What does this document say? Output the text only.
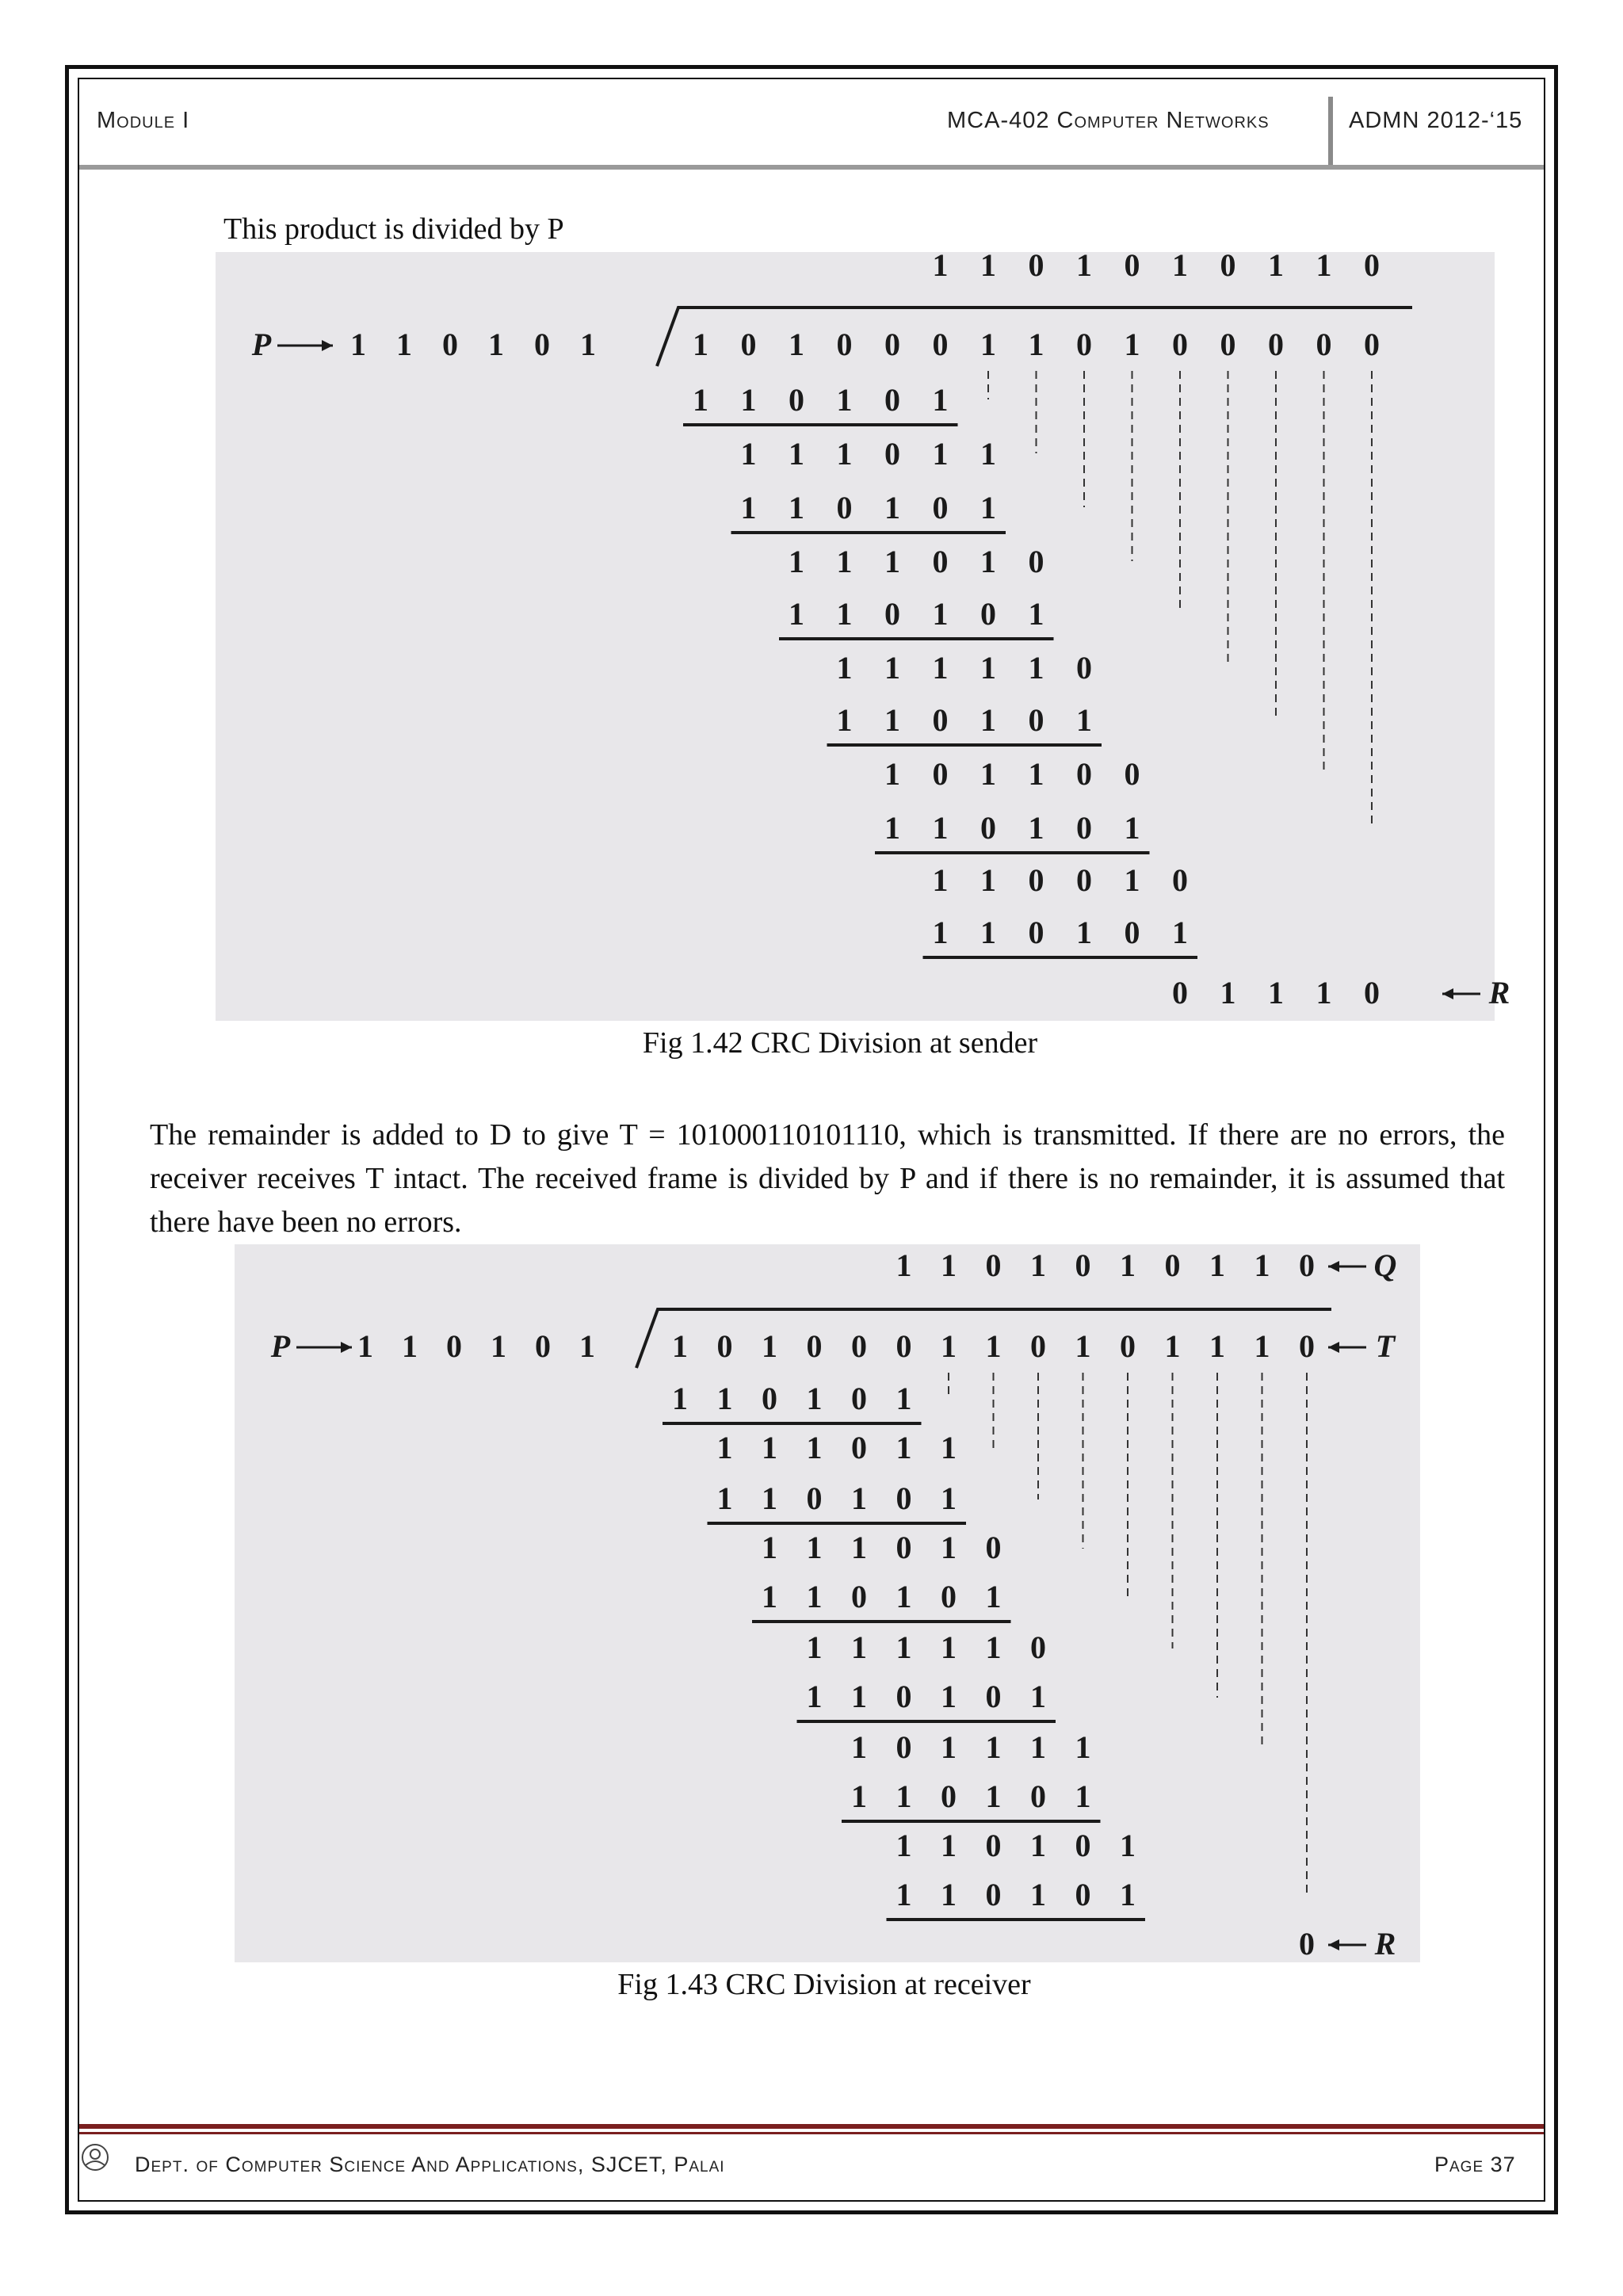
Module I	MCA-402 Computer Networks	ADMN 2012-‘15
This product is divided by P
P 1 1 0 1 0 1
1 1 0 1 0 1 0 1 1 0
1 0 1 0 0 0 1 1 0 1 0 0 0 0 0
1 1 0 1 0 1
1 1 1 0 1 1
1 1 0 1 0 1
1 1 1 0 1 0
1 1 0 1 0 1
1 1 1 1 1 0
1 1 0 1 0 1
1 0 1 1 0 0
1 1 0 1 0 1
1 1 0 0 1 0
1 1 0 1 0 1
0 1 1 1 0	R
Fig 1.42 CRC Division at sender
The remainder is added to D to give T = 101000110101110, which is transmitted. If there are no errors, the receiver receives T intact. The received frame is divided by P and if there is no remainder, it is assumed that there have been no errors.
P 1 1 0 1 0 1
1 1 0 1 0 1 0 1 1 0 Q
1 0 1 0 0 0 1 1 0 1 0 1 1 1 0 T
1 1 0 1 0 1
1 1 1 0 1 1
1 1 0 1 0 1
1 1 1 0 1 0
1 1 0 1 0 1
1 1 1 1 1 0
1 1 0 1 0 1
1 0 1 1 1 1
1 1 0 1 0 1
1 1 0 1 0 1
1 1 0 1 0 1
0 R
Fig 1.43 CRC Division at receiver
Dept. of Computer Science And Applications, SJCET, Palai	Page 37
